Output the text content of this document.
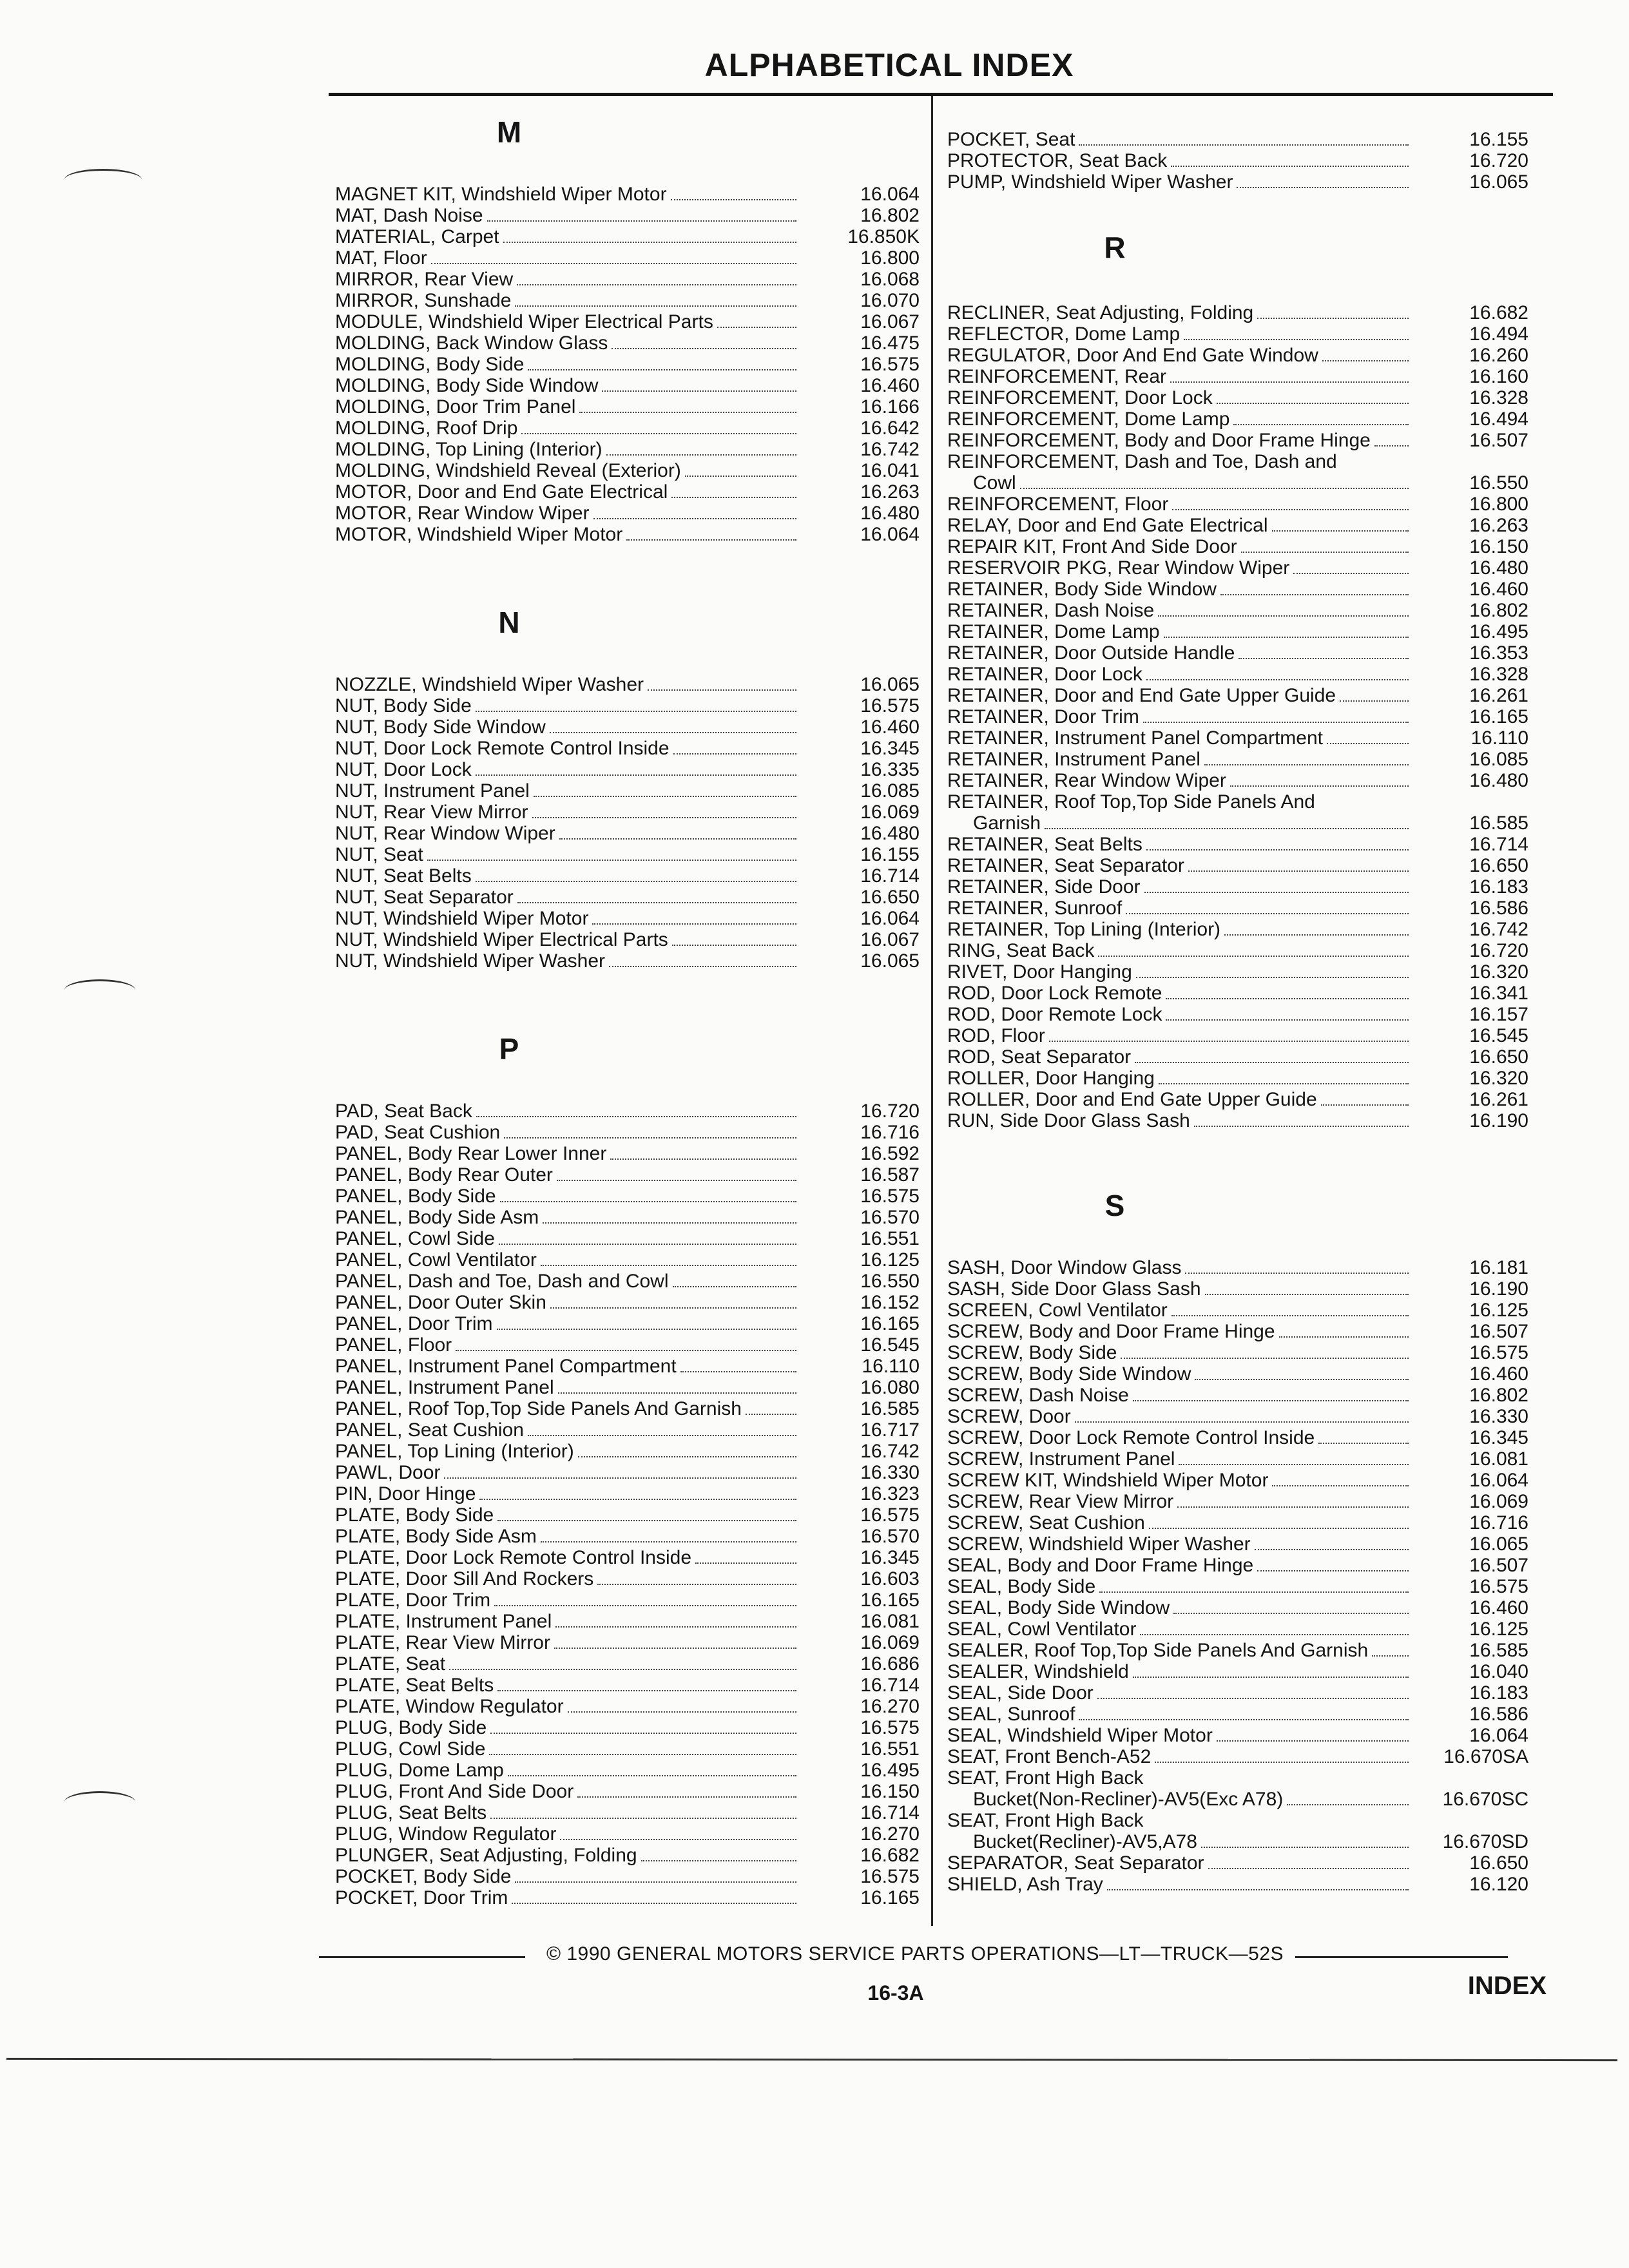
ALPHABETICAL INDEX
M
MAGNET KIT, Windshield Wiper Motor	16.064
MAT, Dash Noise	16.802
MATERIAL, Carpet	16.850K
MAT, Floor	16.800
MIRROR, Rear View	16.068
MIRROR, Sunshade	16.070
MODULE, Windshield Wiper Electrical Parts	16.067
MOLDING, Back Window Glass	16.475
MOLDING, Body Side	16.575
MOLDING, Body Side Window	16.460
MOLDING, Door Trim Panel	16.166
MOLDING, Roof Drip	16.642
MOLDING, Top Lining (Interior)	16.742
MOLDING, Windshield Reveal (Exterior)	16.041
MOTOR, Door and End Gate Electrical	16.263
MOTOR, Rear Window Wiper	16.480
MOTOR, Windshield Wiper Motor	16.064
N
NOZZLE, Windshield Wiper Washer	16.065
NUT, Body Side	16.575
NUT, Body Side Window	16.460
NUT, Door Lock Remote Control Inside	16.345
NUT, Door Lock	16.335
NUT, Instrument Panel	16.085
NUT, Rear View Mirror	16.069
NUT, Rear Window Wiper	16.480
NUT, Seat	16.155
NUT, Seat Belts	16.714
NUT, Seat Separator	16.650
NUT, Windshield Wiper Motor	16.064
NUT, Windshield Wiper Electrical Parts	16.067
NUT, Windshield Wiper Washer	16.065
P
PAD, Seat Back	16.720
PAD, Seat Cushion	16.716
PANEL, Body Rear Lower Inner	16.592
PANEL, Body Rear Outer	16.587
PANEL, Body Side	16.575
PANEL, Body Side Asm	16.570
PANEL, Cowl Side	16.551
PANEL, Cowl Ventilator	16.125
PANEL, Dash and Toe, Dash and Cowl	16.550
PANEL, Door Outer Skin	16.152
PANEL, Door Trim	16.165
PANEL, Floor	16.545
PANEL, Instrument Panel Compartment	16.110
PANEL, Instrument Panel	16.080
PANEL, Roof Top,Top Side Panels And Garnish	16.585
PANEL, Seat Cushion	16.717
PANEL, Top Lining (Interior)	16.742
PAWL, Door	16.330
PIN, Door Hinge	16.323
PLATE, Body Side	16.575
PLATE, Body Side Asm	16.570
PLATE, Door Lock Remote Control Inside	16.345
PLATE, Door Sill And Rockers	16.603
PLATE, Door Trim	16.165
PLATE, Instrument Panel	16.081
PLATE, Rear View Mirror	16.069
PLATE, Seat	16.686
PLATE, Seat Belts	16.714
PLATE, Window Regulator	16.270
PLUG, Body Side	16.575
PLUG, Cowl Side	16.551
PLUG, Dome Lamp	16.495
PLUG, Front And Side Door	16.150
PLUG, Seat Belts	16.714
PLUG, Window Regulator	16.270
PLUNGER, Seat Adjusting, Folding	16.682
POCKET, Body Side	16.575
POCKET, Door Trim	16.165
POCKET, Seat	16.155
PROTECTOR, Seat Back	16.720
PUMP, Windshield Wiper Washer	16.065
R
RECLINER, Seat Adjusting, Folding	16.682
REFLECTOR, Dome Lamp	16.494
REGULATOR, Door And End Gate Window	16.260
REINFORCEMENT, Rear	16.160
REINFORCEMENT, Door Lock	16.328
REINFORCEMENT, Dome Lamp	16.494
REINFORCEMENT, Body and Door Frame Hinge	16.507
REINFORCEMENT, Dash and Toe, Dash and
Cowl	16.550
REINFORCEMENT, Floor	16.800
RELAY, Door and End Gate Electrical	16.263
REPAIR KIT, Front And Side Door	16.150
RESERVOIR PKG, Rear Window Wiper	16.480
RETAINER, Body Side Window	16.460
RETAINER, Dash Noise	16.802
RETAINER, Dome Lamp	16.495
RETAINER, Door Outside Handle	16.353
RETAINER, Door Lock	16.328
RETAINER, Door and End Gate Upper Guide	16.261
RETAINER, Door Trim	16.165
RETAINER, Instrument Panel Compartment	16.110
RETAINER, Instrument Panel	16.085
RETAINER, Rear Window Wiper	16.480
RETAINER, Roof Top,Top Side Panels And
Garnish	16.585
RETAINER, Seat Belts	16.714
RETAINER, Seat Separator	16.650
RETAINER, Side Door	16.183
RETAINER, Sunroof	16.586
RETAINER, Top Lining (Interior)	16.742
RING, Seat Back	16.720
RIVET, Door Hanging	16.320
ROD, Door Lock Remote	16.341
ROD, Door Remote Lock	16.157
ROD, Floor	16.545
ROD, Seat Separator	16.650
ROLLER, Door Hanging	16.320
ROLLER, Door and End Gate Upper Guide	16.261
RUN, Side Door Glass Sash	16.190
S
SASH, Door Window Glass	16.181
SASH, Side Door Glass Sash	16.190
SCREEN, Cowl Ventilator	16.125
SCREW, Body and Door Frame Hinge	16.507
SCREW, Body Side	16.575
SCREW, Body Side Window	16.460
SCREW, Dash Noise	16.802
SCREW, Door	16.330
SCREW, Door Lock Remote Control Inside	16.345
SCREW, Instrument Panel	16.081
SCREW KIT, Windshield Wiper Motor	16.064
SCREW, Rear View Mirror	16.069
SCREW, Seat Cushion	16.716
SCREW, Windshield Wiper Washer	16.065
SEAL, Body and Door Frame Hinge	16.507
SEAL, Body Side	16.575
SEAL, Body Side Window	16.460
SEAL, Cowl Ventilator	16.125
SEALER, Roof Top,Top Side Panels And Garnish	16.585
SEALER, Windshield	16.040
SEAL, Side Door	16.183
SEAL, Sunroof	16.586
SEAL, Windshield Wiper Motor	16.064
SEAT, Front Bench-A52	16.670SA
SEAT, Front High Back
Bucket(Non-Recliner)-AV5(Exc A78)	16.670SC
SEAT, Front High Back
Bucket(Recliner)-AV5,A78	16.670SD
SEPARATOR, Seat Separator	16.650
SHIELD, Ash Tray	16.120
© 1990 GENERAL MOTORS SERVICE PARTS OPERATIONS—LT—TRUCK—52S
16-3A	INDEX
